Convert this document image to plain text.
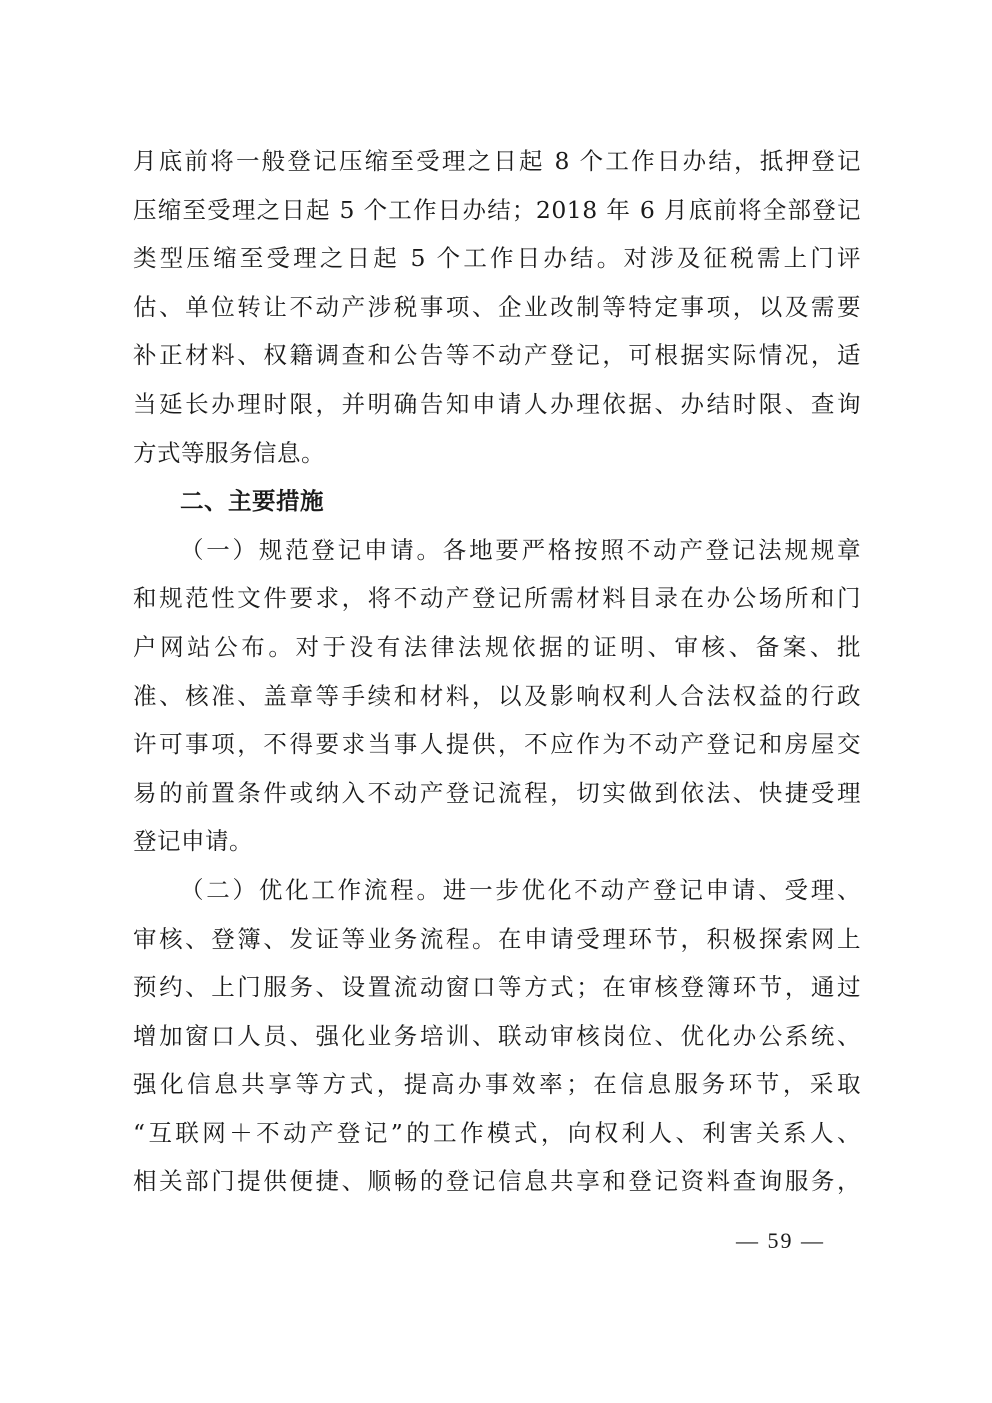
月底前将一般登记压缩至受理之日起 8 个工作日办结，抵押登记
压缩至受理之日起 5 个工作日办结；2018 年 6 月底前将全部登记
类型压缩至受理之日起 5 个工作日办结。对涉及征税需上门评
估、单位转让不动产涉税事项、企业改制等特定事项，以及需要
补正材料、权籍调查和公告等不动产登记，可根据实际情况，适
当延长办理时限，并明确告知申请人办理依据、办结时限、查询
方式等服务信息。
二、主要措施
（一）规范登记申请。各地要严格按照不动产登记法规规章
和规范性文件要求，将不动产登记所需材料目录在办公场所和门
户网站公布。对于没有法律法规依据的证明、审核、备案、批
准、核准、盖章等手续和材料，以及影响权利人合法权益的行政
许可事项，不得要求当事人提供，不应作为不动产登记和房屋交
易的前置条件或纳入不动产登记流程，切实做到依法、快捷受理
登记申请。
（二）优化工作流程。进一步优化不动产登记申请、受理、
审核、登簿、发证等业务流程。在申请受理环节，积极探索网上
预约、上门服务、设置流动窗口等方式；在审核登簿环节，通过
增加窗口人员、强化业务培训、联动审核岗位、优化办公系统、
强化信息共享等方式，提高办事效率；在信息服务环节，采取
“互联网＋不动产登记”的工作模式，向权利人、利害关系人、
相关部门提供便捷、顺畅的登记信息共享和登记资料查询服务，
— 59 —
